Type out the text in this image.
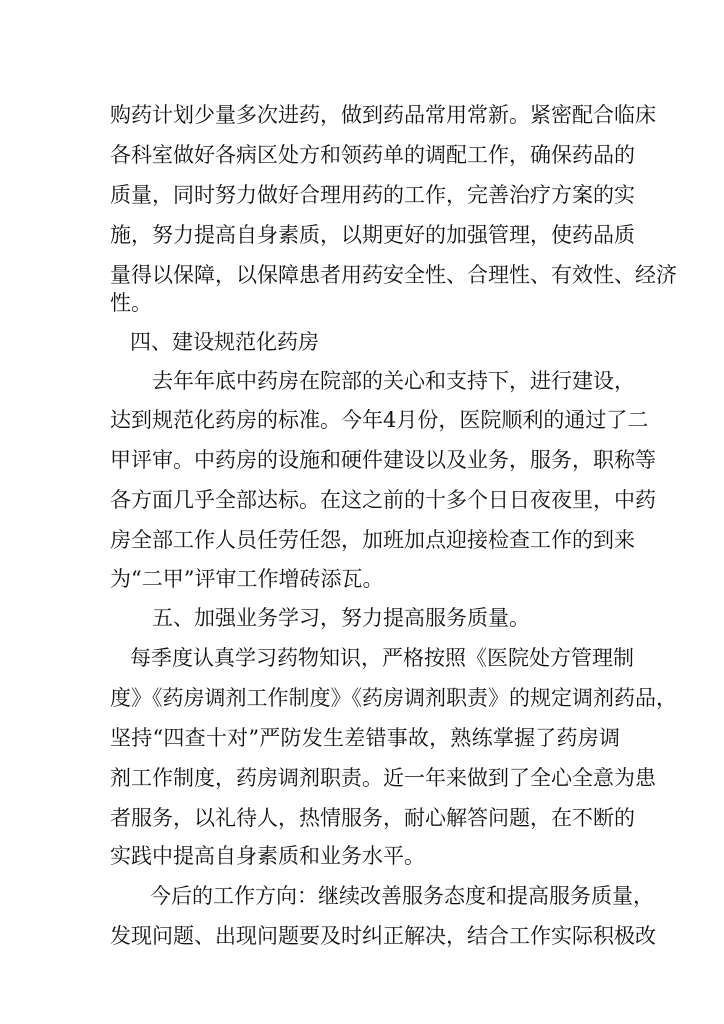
购药计划少量多次进药，做到药品常用常新。紧密配合临床
各科室做好各病区处方和领药单的调配工作，确保药品的
质量，同时努力做好合理用药的工作，完善治疗方案的实
施，努力提高自身素质，以期更好的加强管理，使药品质
量得以保障，以保障患者用药安全性、合理性、有效性、经济
性。
四、建设规范化药房
去年年底中药房在院部的关心和支持下，进行建设，
达到规范化药房的标准。今年4月份，医院顺利的通过了二
甲评审。中药房的设施和硬件建设以及业务，服务，职称等
各方面几乎全部达标。在这之前的十多个日日夜夜里，中药
房全部工作人员任劳任怨，加班加点迎接检查工作的到来
为“二甲”评审工作增砖添瓦。
五、加强业务学习，努力提高服务质量。
每季度认真学习药物知识，严格按照《医院处方管理制
度》《药房调剂工作制度》《药房调剂职责》的规定调剂药品，
坚持“四查十对”严防发生差错事故，熟练掌握了药房调
剂工作制度，药房调剂职责。近一年来做到了全心全意为患
者服务，以礼待人，热情服务，耐心解答问题，在不断的
实践中提高自身素质和业务水平。
今后的工作方向：继续改善服务态度和提高服务质量，
发现问题、出现问题要及时纠正解决，结合工作实际积极改
